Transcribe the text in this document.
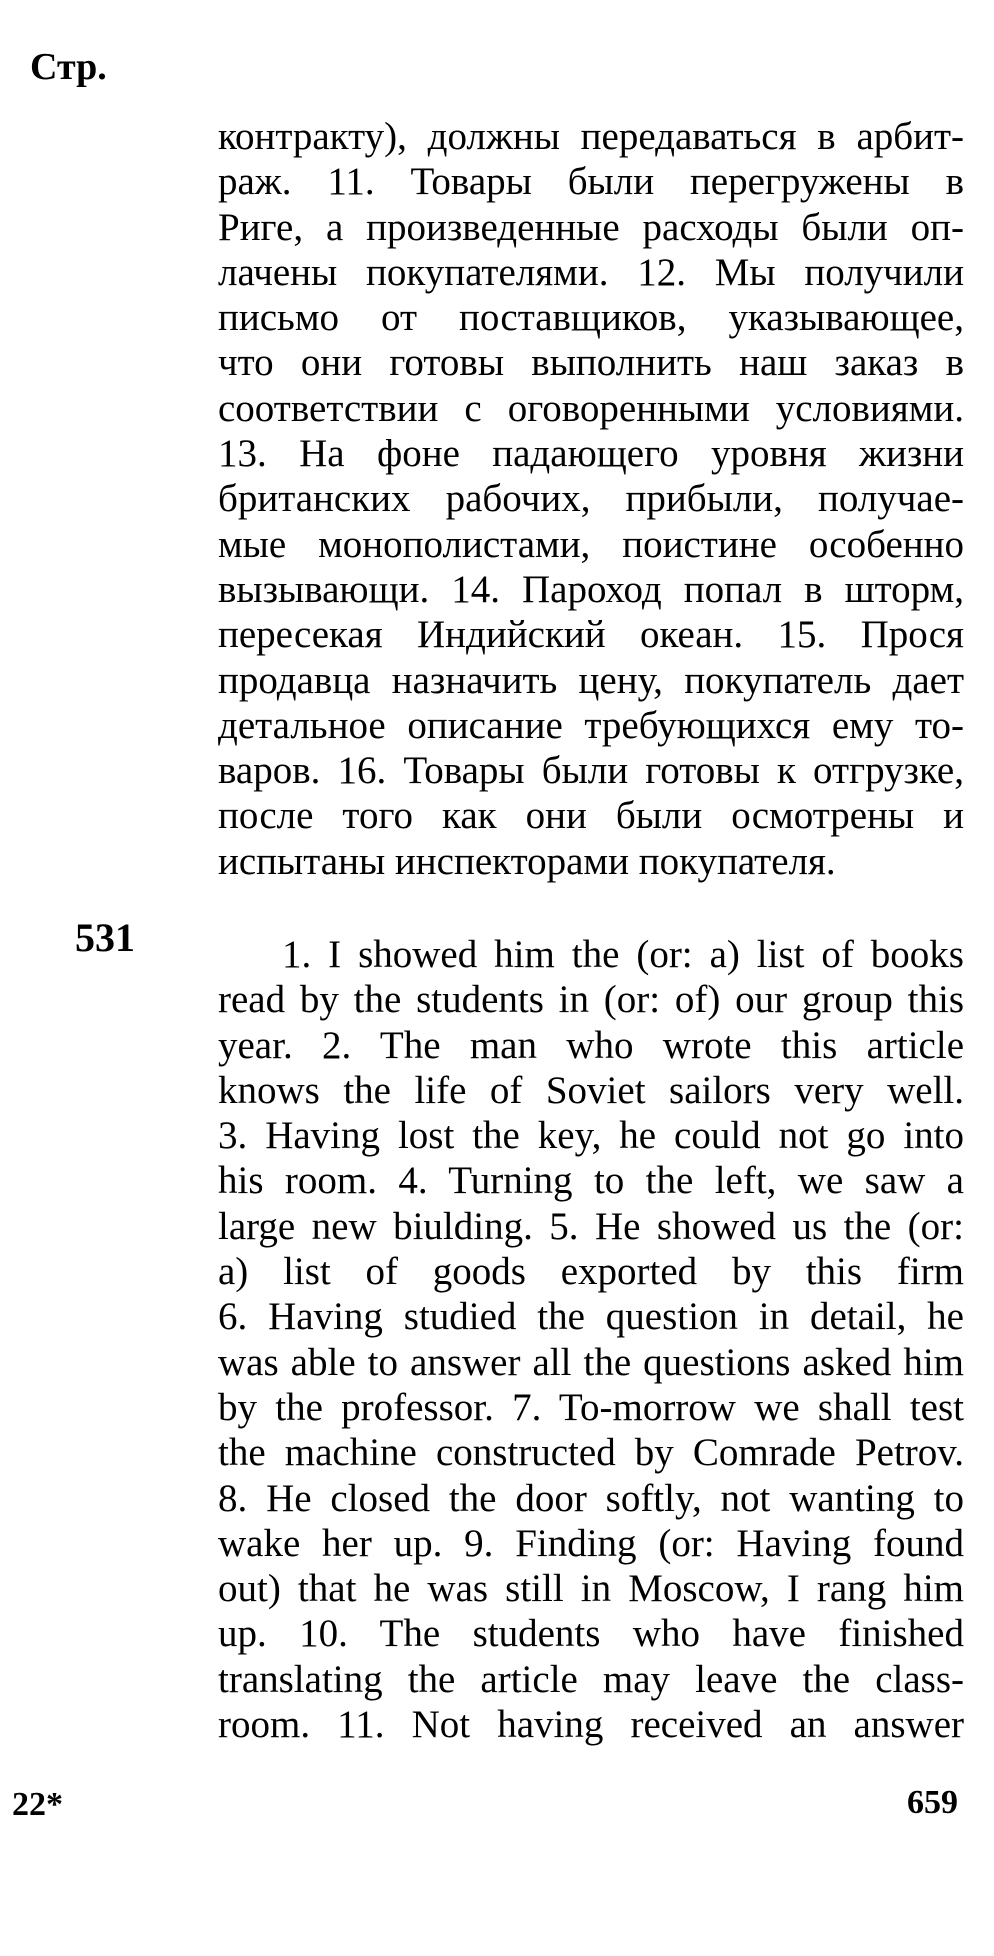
Стр.
контракту), должны передаваться в арбит-
раж. 11. Товары были перегружены в
Риге, а произведенные расходы были оп-
лачены покупателями. 12. Мы получили
письмо от поставщиков, указывающее,
что они готовы выполнить наш заказ в
соответствии с оговоренными условиями.
13. На фоне падающего уровня жизни
британских рабочих, прибыли, получае-
мые монополистами, поистине особенно
вызывающи. 14. Пароход попал в шторм,
пересекая Индийский океан. 15. Прося
продавца назначить цену, покупатель дает
детальное описание требующихся ему то-
варов. 16. Товары были готовы к отгрузке,
после того как они были осмотрены и
испытаны инспекторами покупателя.
531	1. I showed him the (or: a) list of books
read by the students in (or: of) our group this
year. 2. The man who wrote this article
knows the life of Soviet sailors very well.
3. Having lost the key, he could not go into
his room. 4. Turning to the left, we saw a
large new biulding. 5. He showed us the (or:
a) list of goods exported by this firm
6. Having studied the question in detail, he
was able to answer all the questions asked him
by the professor. 7. To-morrow we shall test
the machine constructed by Comrade Petrov.
8. He closed the door softly, not wanting to
wake her up. 9. Finding (or: Having found
out) that he was still in Moscow, I rang him
up. 10. The students who have finished
translating the article may leave the class-
room. 11. Not having received an answer
22*	659
